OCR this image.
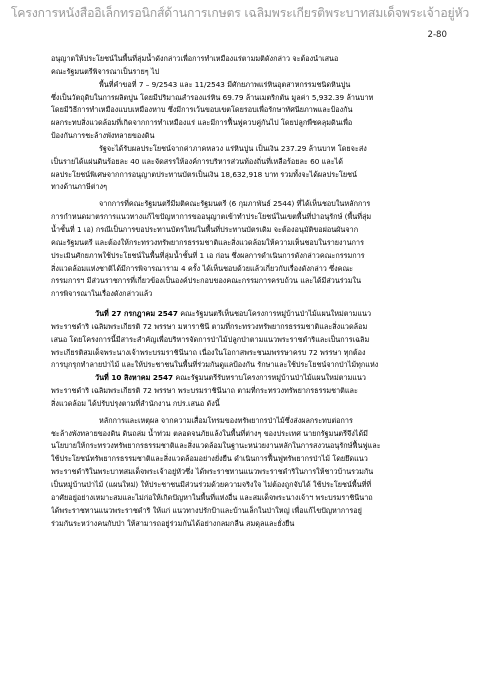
โครงการหนังสืออิเล็กทรอนิกส์ด้านการเกษตร เฉลิมพระเกียรติพระบาทสมเด็จพระเจ้าอยู่หัว
2-80
อนุญาตให้ประโยชน์ในพื้นที่ลุ่มน้ำดังกล่าวเพื่อการทำเหมืองแร่ตามมติดังกล่าว จะต้องนำเสนอ
คณะรัฐมนตรีพิจารณาเป็นรายๆ ไป
พื้นที่คำขอที่ 7 – 9/2543 และ 11/2543 มีศักยภาพแร่หินอุตสาหกรรมชนิดหินปูน
ซึ่งเป็นวัตถุดิบในการผลิตปูน โดยมีปริมาณสำรองแร่หิน 69.79 ล้านเมตริกตัน มูลค่า 5,932.39 ล้านบาท
โดยมีวิธีการทำเหมืองแบบเหมืองหาบ ซึ่งมีการเว้นขอบเขตโดยรอบเพื่อรักษาทัศนียภาพและป้องกัน
ผลกระทบสิ่งแวดล้อมที่เกิดจากการทำเหมืองแร่ และมีการฟื้นฟูควบคู่กันไป โดยปลูกพืชคลุมดินเพื่อ
ป้องกันการชะล้างพังทลายของดิน
รัฐจะได้รับผลประโยชน์จากค่าภาคหลวง แร่หินปูน เป็นเงิน 237.29 ล้านบาท โดยจะส่ง
เป็นรายได้แผ่นดินร้อยละ 40 และจัดสรรให้องค์การบริหารส่วนท้องถิ่นที่เหลือร้อยละ 60 และได้
ผลประโยชน์พิเศษจากการอนุญาตประทานบัตรเป็นเงิน 18,632,918 บาท รวมทั้งจะได้ผลประโยชน์
ทางด้านภาษีต่างๆ
จากการที่คณะรัฐมนตรีมีมติคณะรัฐมนตรี (6 กุมภาพันธ์ 2544) ที่ได้เห็นชอบในหลักการ
การกำหนดมาตรการแนวทางแก้ไขปัญหาการขออนุญาตเข้าทำประโยชน์ในเขตพื้นที่ป่าอนุรักษ์ (พื้นที่ลุ่ม
น้ำชั้นที่ 1 เอ) กรณีเป็นการขอประทานบัตรใหม่ในพื้นที่ประทานบัตรเดิม จะต้องอนุมัติขอผ่อนผันจาก
คณะรัฐมนตรี และต้องให้กระทรวงทรัพยากรธรรมชาติและสิ่งแวดล้อมให้ความเห็นชอบในรายงานการ
ประเมินศักยภาพใช้ประโยชน์ในพื้นที่ลุ่มน้ำชั้นที่ 1 เอ ก่อน ซึ่งผลการดำเนินการดังกล่าวคณะกรรมการ
สิ่งแวดล้อมแห่งชาติได้มีการพิจารณาราม 4 ครั้ง ได้เห็นชอบด้วยแล้วเกี่ยวกับเรื่องดังกล่าว ซึ่งคณะ
กรรมการฯ มีส่วนราชการที่เกี่ยวข้องเป็นองค์ประกอบของคณะกรรมการครบถ้วน และได้มีส่วนร่วมใน
การพิจารณาในเรื่องดังกล่าวแล้ว
วันที่ 27 กรกฎาคม 2547 คณะรัฐมนตรีเห็นชอบโครงการหมู่บ้านป่าไม้แผนใหม่ตามแนว
พระราชดำริ เฉลิมพระเกียรติ 72 พรรษา มหาราชินี ตามที่กระทรวงทรัพยากรธรรมชาติและสิ่งแวดล้อม
เสนอ โดยโครงการนี้มีสาระสำคัญเพื่อบริหารจัดการป่าไม้ปลูกป่าตามแนวพระราชดำริและเป็นการเฉลิม
พระเกียรติสมเด็จพระนางเจ้าพระบรมราชินีนาถ เนื่องในโอกาสพระชนมพรรษาครบ 72 พรรษา ทุกต้อง
การบุกรุกทำลายป่าไม้ และให้ประชาชนในพื้นที่ร่วมกันดูแลป้องกัน รักษาและใช้ประโยชน์จากป่าไม้ทุกแห่ง
วันที่ 10 สิงหาคม 2547 คณะรัฐมนตรีรับทราบโครงการหมู่บ้านป่าไม้แผนใหม่ตามแนว
พระราชดำริ เฉลิมพระเกียรติ 72 พรรษา พระบรมราชินีนาถ ตามที่กระทรวงทรัพยากรธรรมชาติและ
สิ่งแวดล้อม ได้ปรับปรุงตามที่สำนักงาน กปร.เสนอ ดังนี้
หลักการและเหตุผล จากความเสื่อมโทรมของทรัพยากรป่าไม้ซึ่งส่งผลกระทบต่อการ
ชะล้างพังทลายของดิน ดินถล่ม น้ำท่วม ตลอดจนภัยแล้งในพื้นที่ต่างๆ ของประเทศ นายกรัฐมนตรีจึงได้มี
นโยบายให้กระทรวงทรัพยากรธรรมชาติและสิ่งแวดล้อมในฐานะหน่วยงานหลักในการสงวนอนุรักษ์ฟื้นฟูและ
ใช้ประโยชน์ทรัพยากรธรรมชาติและสิ่งแวดล้อมอย่างยั่งยืน ดำเนินการฟื้นฟูทรัพยากรป่าไม้ โดยยึดแนว
พระราชดำริในพระบาทสมเด็จพระเจ้าอยู่หัวซึ่ง ได้พระราชทานแนวพระราชดำริในการให้ชาวบ้านรวมกัน
เป็นหมู่บ้านป่าไม้ (แผนใหม่) ให้ประชาชนมีส่วนร่วมด้วยความจริงใจ ไม่ต้องถูกจับได้ ใช้ประโยชน์พื้นที่ที่
อาศัยอยู่อย่างเหมาะสมและไม่ก่อให้เกิดปัญหาในพื้นที่แห่งอื่น และสมเด็จพระนางเจ้าฯ พระบรมราชินีนาถ
ได้พระราชทานแนวพระราชดำริ ให้แก่ แนวทางปรักป้าและบ้านเล็กในป่าใหญ่ เพื่อแก้ไขปัญหาการอยู่
ร่วมกันระหว่างคนกับป่า ให้สามารถอยู่ร่วมกันได้อย่างกลมกลืน สมดุลและยั่งยืน
